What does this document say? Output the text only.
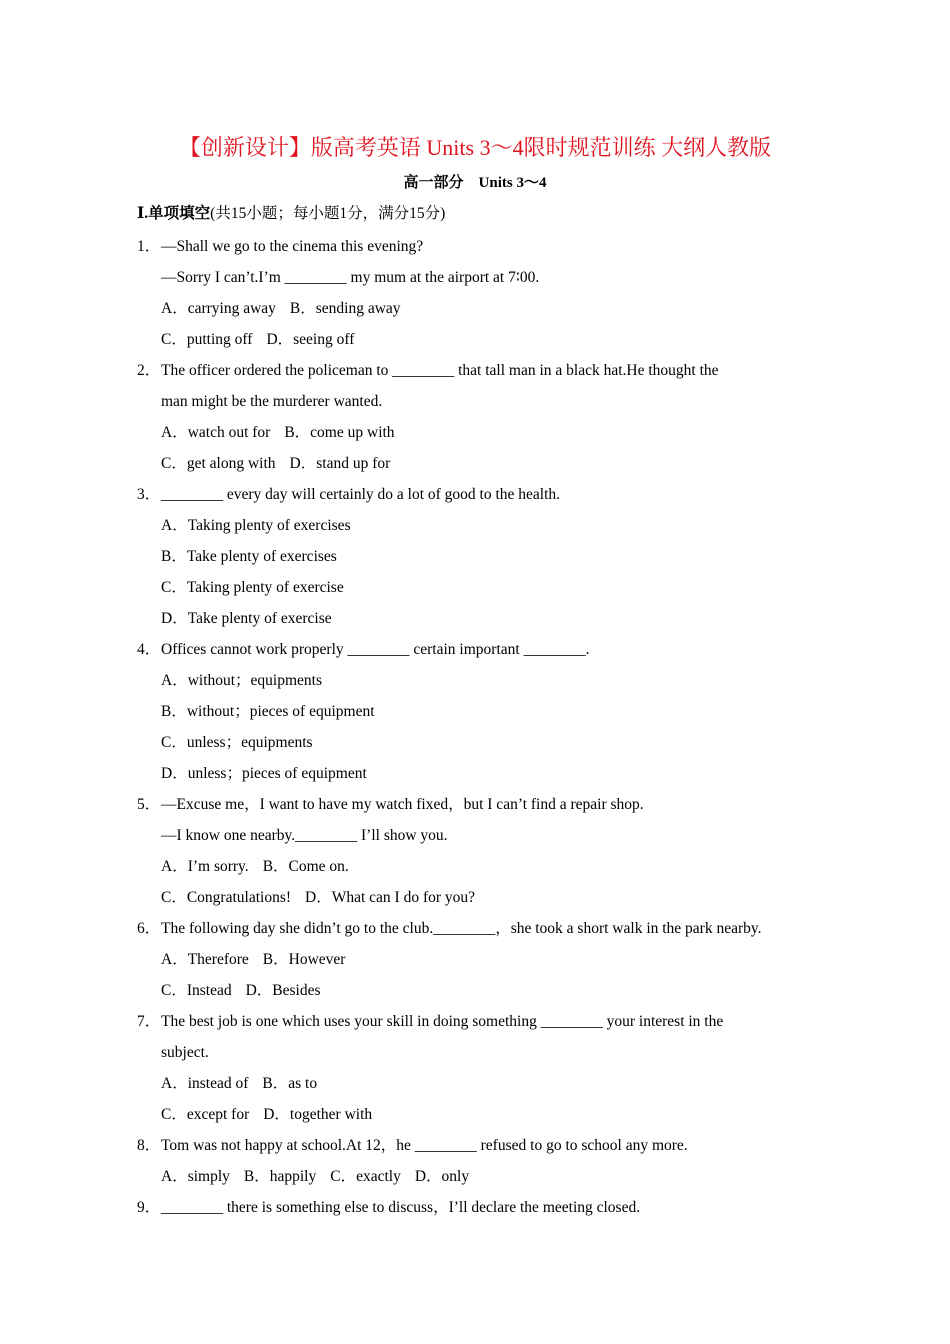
【创新设计】版高考英语 Units 3～4限时规范训练 大纲人教版
高一部分　Units 3～4
Ⅰ.单项填空(共15小题；每小题1分，满分15分)
1．—Shall we go to the cinema this evening?
—Sorry I can’t.I’m ________ my mum at the airport at 7∶00.
A．carrying away B．sending away
C．putting off D．seeing off
2．The officer ordered the policeman to ________ that tall man in a black hat.He thought the
man might be the murderer wanted.
A．watch out for B．come up with
C．get along with D．stand up for
3．________ every day will certainly do a lot of good to the health.
A．Taking plenty of exercises
B．Take plenty of exercises
C．Taking plenty of exercise
D．Take plenty of exercise
4．Offices cannot work properly ________ certain important ________.
A．without；equipments
B．without；pieces of equipment
C．unless；equipments
D．unless；pieces of equipment
5．—Excuse me，I want to have my watch fixed，but I can’t find a repair shop.
—I know one nearby.________ I’ll show you.
A．I’m sorry. B．Come on.
C．Congratulations! D．What can I do for you?
6．The following day she didn’t go to the club.________，she took a short walk in the park nearby.
A．Therefore B．However
C．Instead D．Besides
7．The best job is one which uses your skill in doing something ________ your interest in the
subject.
A．instead of B．as to
C．except for D．together with
8．Tom was not happy at school.At 12，he ________ refused to go to school any more.
A．simply B．happily C．exactly D．only
9．________ there is something else to discuss，I’ll declare the meeting closed.
